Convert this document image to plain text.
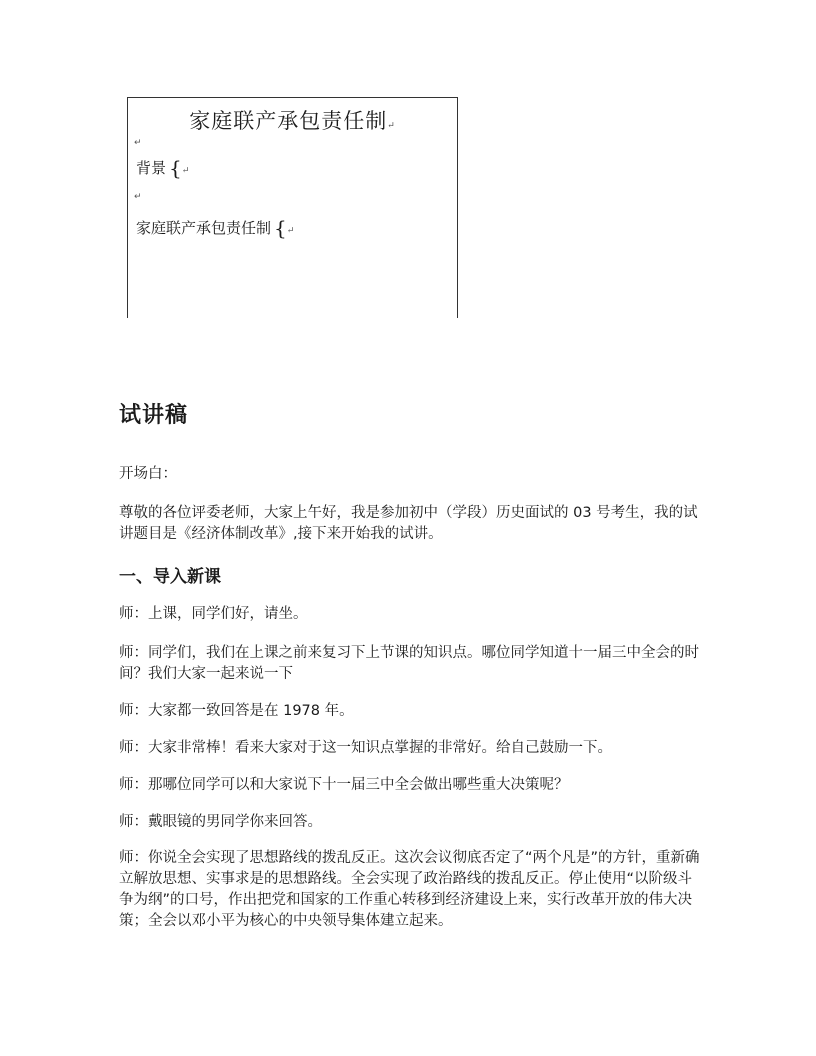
家庭联产承包责任制↵
↵
背景 {↵
↵
家庭联产承包责任制 {↵
试讲稿

开场白：

尊敬的各位评委老师，大家上午好，我是参加初中（学段）历史面试的 03 号考生，我的试讲题目是《经济体制改革》,接下来开始我的试讲。

一、导入新课

师：上课，同学们好，请坐。

师：同学们，我们在上课之前来复习下上节课的知识点。哪位同学知道十一届三中全会的时间？我们大家一起来说一下

师：大家都一致回答是在 1978 年。

师：大家非常棒！看来大家对于这一知识点掌握的非常好。给自己鼓励一下。

师：那哪位同学可以和大家说下十一届三中全会做出哪些重大决策呢？

师：戴眼镜的男同学你来回答。

师：你说全会实现了思想路线的拨乱反正。这次会议彻底否定了“两个凡是”的方针，重新确立解放思想、实事求是的思想路线。全会实现了政治路线的拨乱反正。停止使用“以阶级斗争为纲”的口号，作出把党和国家的工作重心转移到经济建设上来，实行改革开放的伟大决策；全会以邓小平为核心的中央领导集体建立起来。
